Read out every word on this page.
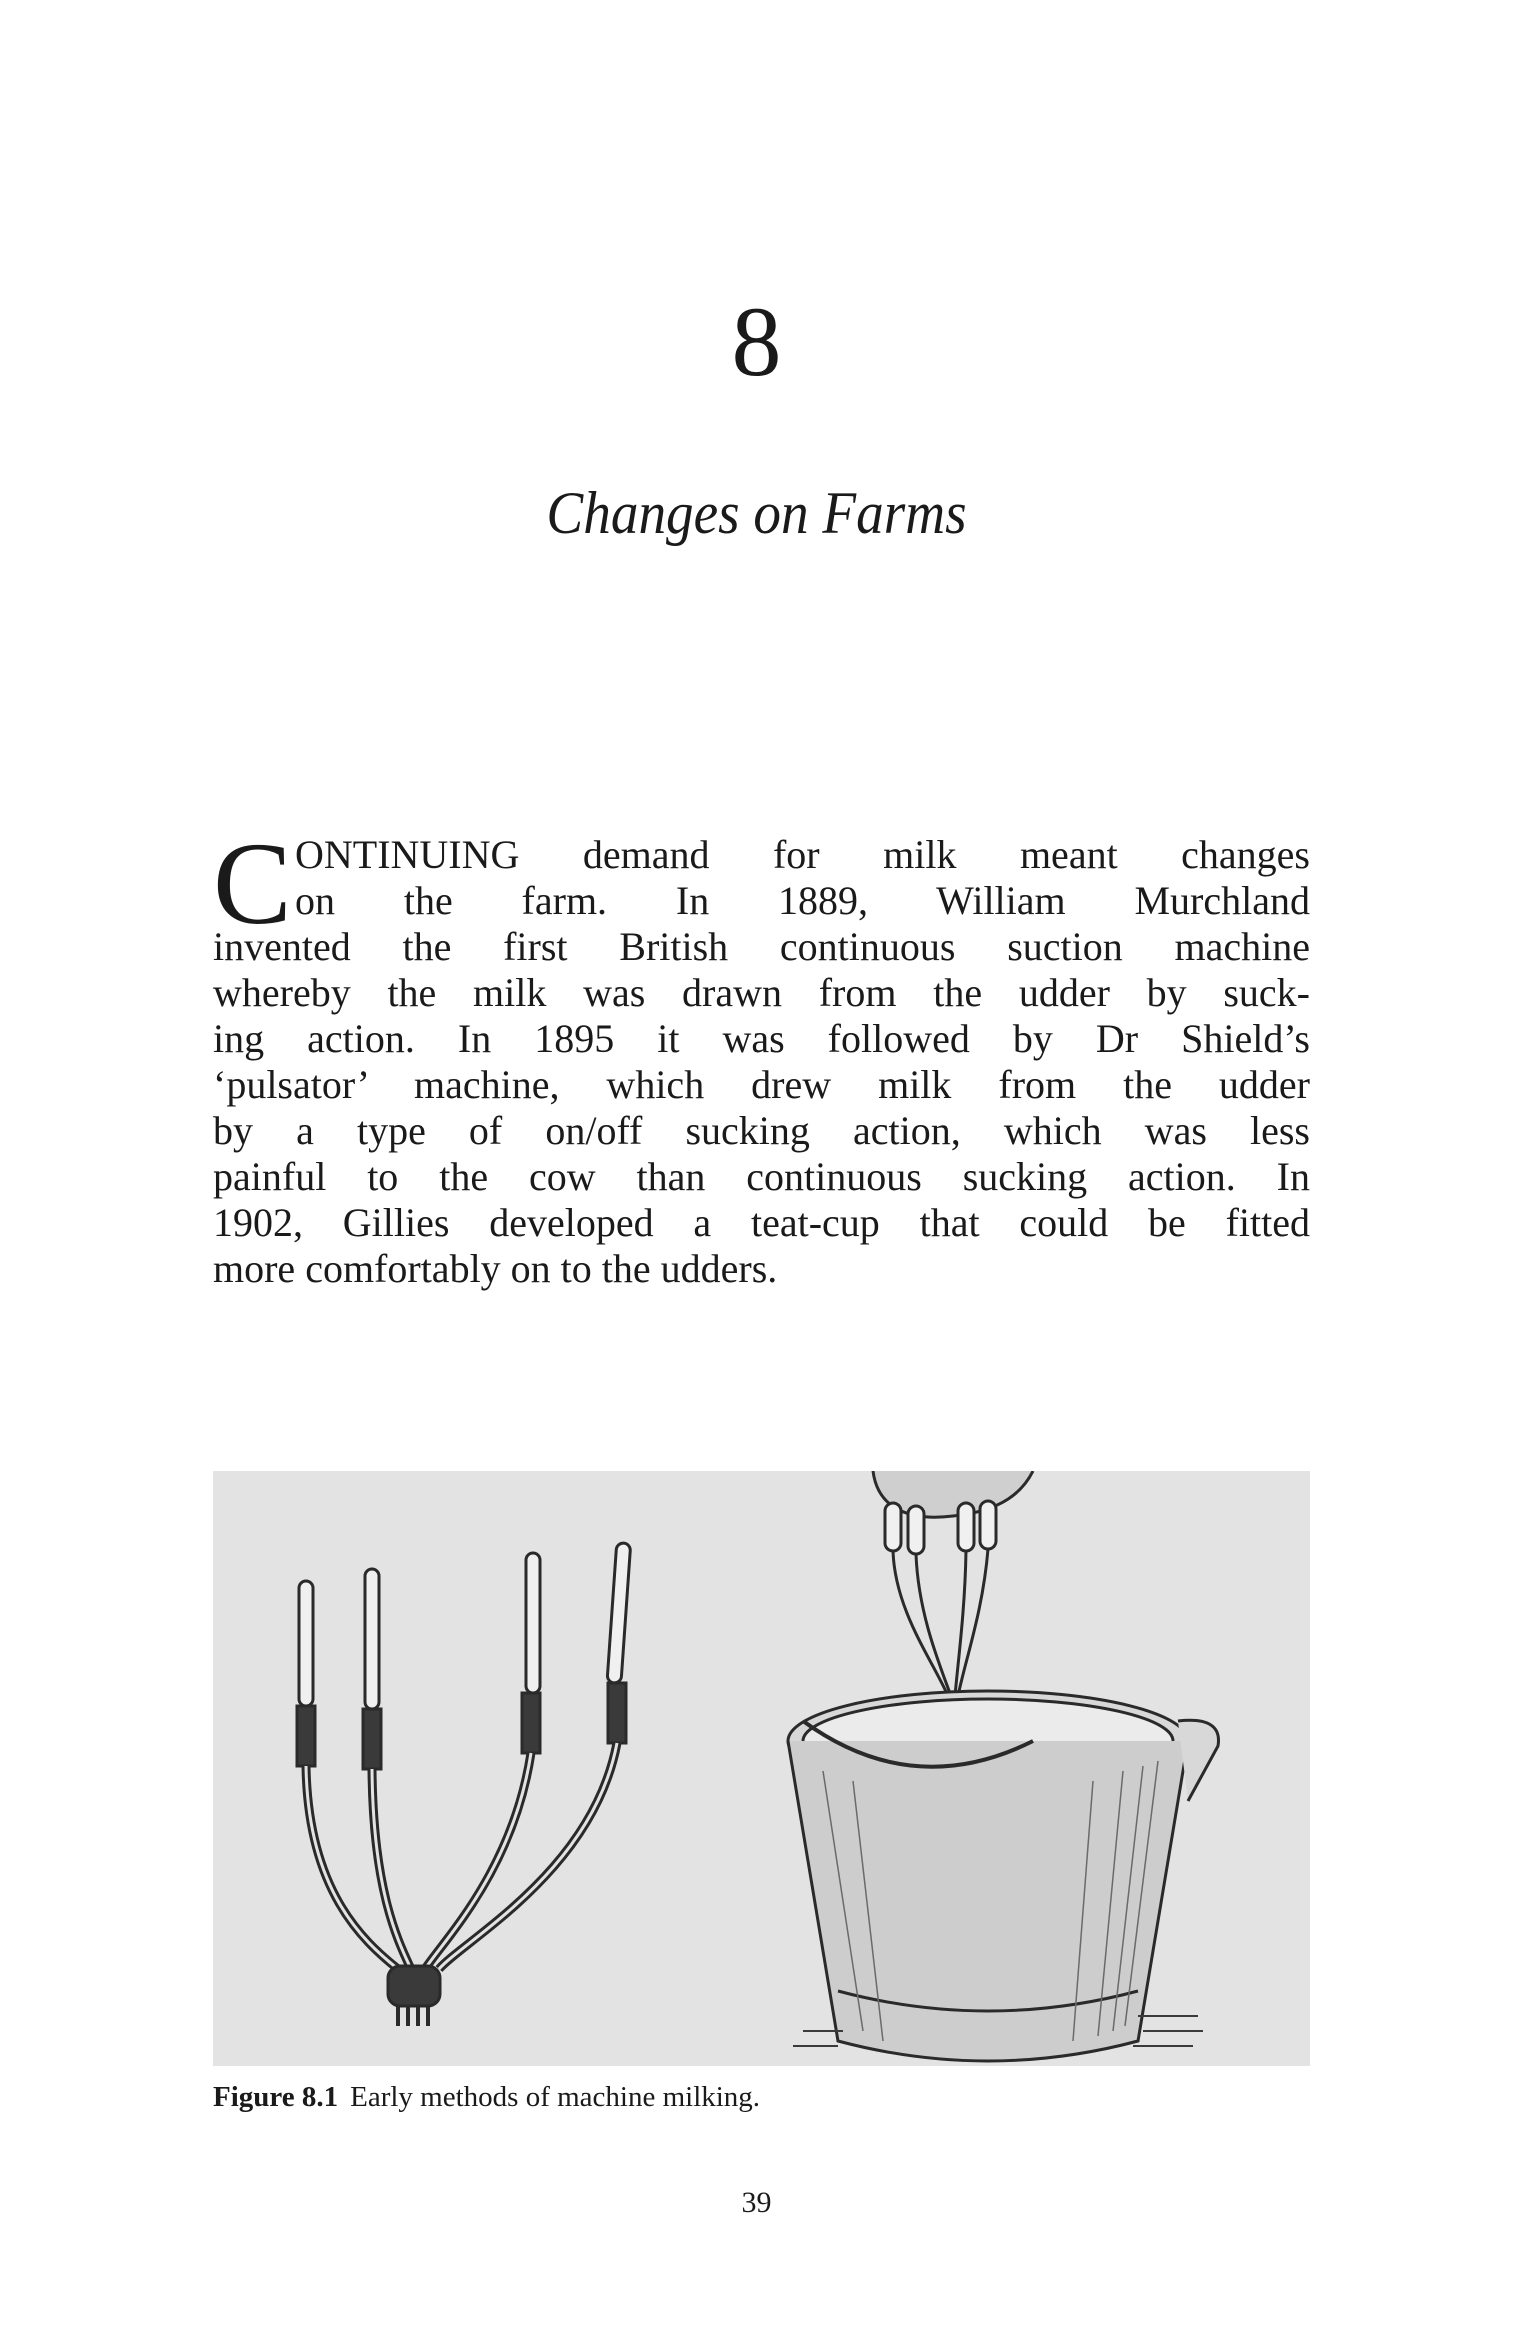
8
Changes on Farms
C ONTINUING demand for milk meant changes
on the farm. In 1889, William Murchland
invented the first British continuous suction machine
whereby the milk was drawn from the udder by suck-
ing action. In 1895 it was followed by Dr Shield’s
‘pulsator’ machine, which drew milk from the udder
by a type of on/off sucking action, which was less
painful to the cow than continuous sucking action. In
1902, Gillies developed a teat-cup that could be fitted
more comfortably on to the udders.
Figure 8.1 Early methods of machine milking.
39
